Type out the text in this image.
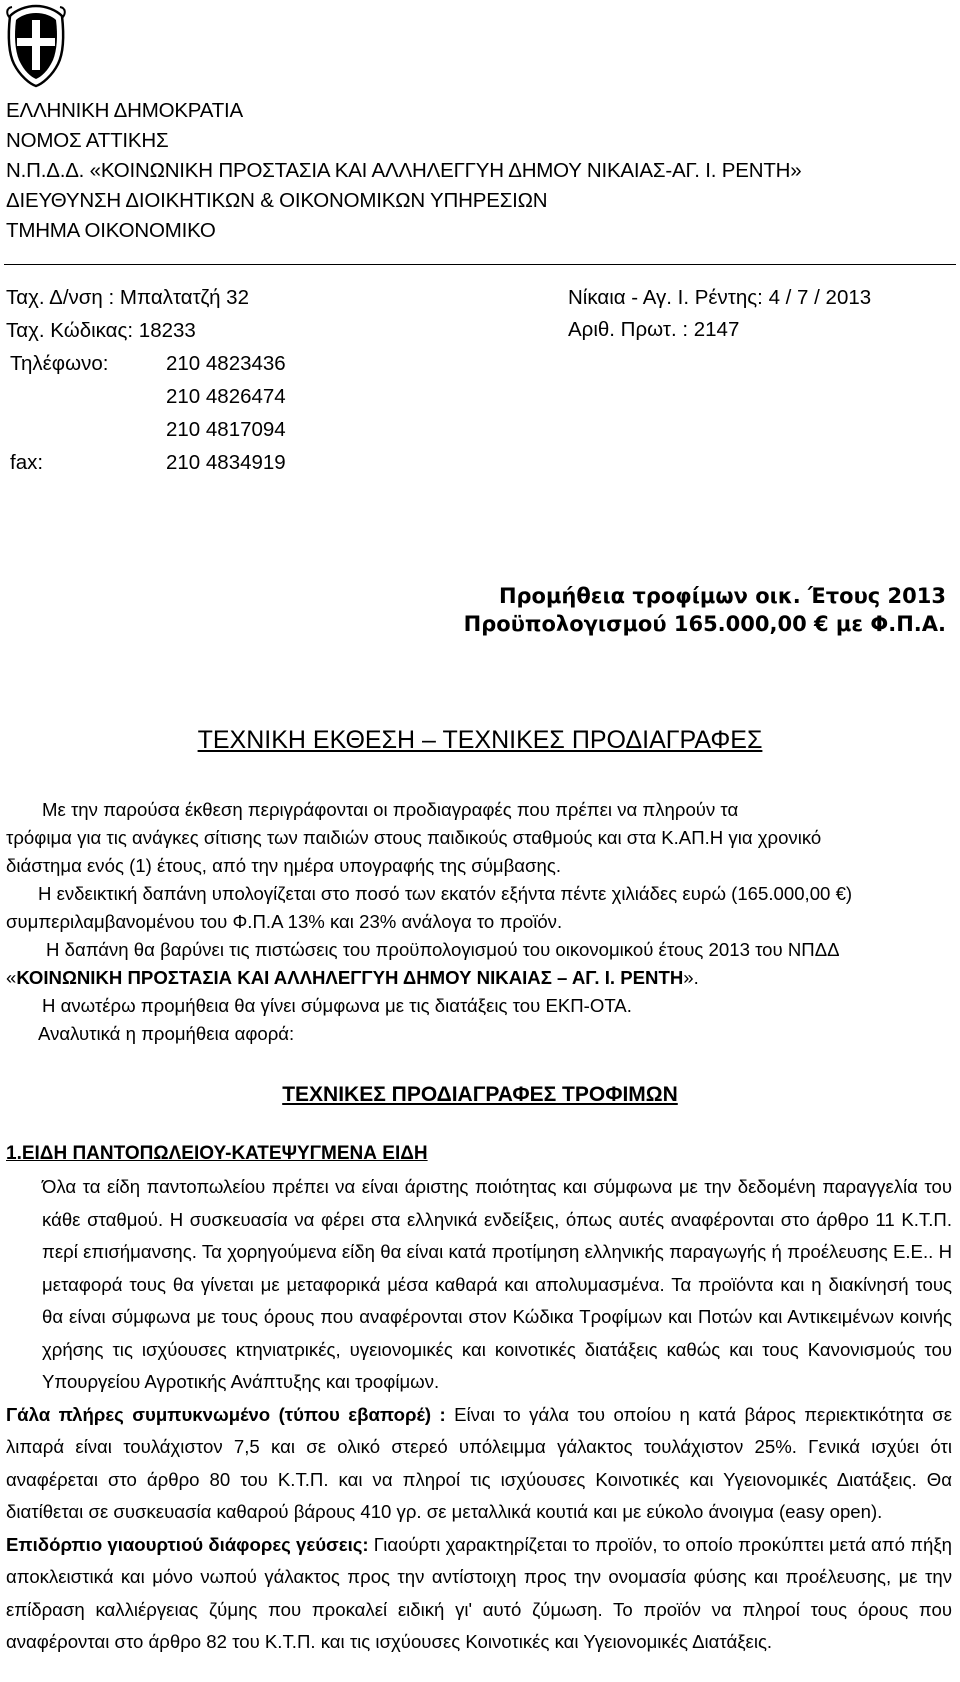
ΕΛΛΗΝΙΚΗ ΔΗΜΟΚΡΑΤΙΑ
ΝΟΜΟΣ ΑΤΤΙΚΗΣ
Ν.Π.Δ.Δ. «ΚΟΙΝΩΝΙΚΗ ΠΡΟΣΤΑΣΙΑ ΚΑΙ ΑΛΛΗΛΕΓΓΥΗ ΔΗΜΟΥ ΝΙΚΑΙΑΣ-ΑΓ. Ι. ΡΕΝΤΗ»
ΔΙΕΥΘΥΝΣΗ ΔΙΟΙΚΗΤΙΚΩΝ & ΟΙΚΟΝΟΜΙΚΩΝ ΥΠΗΡΕΣΙΩΝ
ΤΜΗΜΑ ΟΙΚΟΝΟΜΙΚΟ
Ταχ. Δ/νση : Μπαλτατζή 32
Ταχ. Κώδικας: 18233
Τηλέφωνο:	210 4823436
210 4826474
210 4817094
fax:	210 4834919
Νίκαια - Αγ. Ι. Ρέντης: 4 / 7 / 2013
Αριθ. Πρωτ. : 2147
Προμήθεια τροφίμων οικ. Έτους 2013
Προϋπολογισμού 165.000,00 € με Φ.Π.Α.
ΤΕΧΝΙΚΗ ΕΚΘΕΣΗ – ΤΕΧΝΙΚΕΣ ΠΡΟΔΙΑΓΡΑΦΕΣ

Με την παρούσα έκθεση περιγράφονται οι προδιαγραφές που πρέπει να πληρούν τα

τρόφιμα για τις ανάγκες σίτισης των παιδιών στους παιδικούς σταθμούς και στα Κ.ΑΠ.Η για χρονικό

διάστημα ενός (1) έτους, από την ημέρα υπογραφής της σύμβασης.

Η ενδεικτική δαπάνη υπολογίζεται στο ποσό των εκατόν εξήντα πέντε χιλιάδες ευρώ (165.000,00 €)

συμπεριλαμβανομένου του Φ.Π.Α 13% και 23% ανάλογα το προϊόν.

Η δαπάνη θα βαρύνει τις πιστώσεις του προϋπολογισμού του οικονομικού έτους 2013 του ΝΠΔΔ

«ΚΟΙΝΩΝΙΚΗ ΠΡΟΣΤΑΣΙΑ ΚΑΙ ΑΛΛΗΛΕΓΓΥΗ ΔΗΜΟΥ ΝΙΚΑΙΑΣ – ΑΓ. Ι. ΡΕΝΤΗ».

Η ανωτέρω προμήθεια θα γίνει σύμφωνα με τις διατάξεις του ΕΚΠ-ΟΤΑ.

Αναλυτικά η προμήθεια αφορά:

ΤΕΧΝΙΚΕΣ ΠΡΟΔΙΑΓΡΑΦΕΣ ΤΡΟΦΙΜΩΝ
1.ΕΙΔΗ ΠΑΝΤΟΠΩΛΕΙΟΥ-ΚΑΤΕΨΥΓΜΕΝΑ ΕΙΔΗ

Όλα τα είδη παντοπωλείου πρέπει να είναι άριστης ποιότητας και σύμφωνα με την δεδομένη παραγγελία του κάθε σταθμού. Η συσκευασία να φέρει στα ελληνικά ενδείξεις, όπως αυτές αναφέρονται στο άρθρο 11 Κ.Τ.Π. περί επισήμανσης. Τα χορηγούμενα είδη θα είναι κατά προτίμηση ελληνικής παραγωγής ή προέλευσης Ε.Ε.. Η μεταφορά τους θα γίνεται με μεταφορικά μέσα καθαρά και απολυμασμένα. Τα προϊόντα και η διακίνησή τους θα είναι σύμφωνα με τους όρους που αναφέρονται στον Κώδικα Τροφίμων και Ποτών και Αντικειμένων κοινής χρήσης τις ισχύουσες κτηνιατρικές, υγειονομικές και κοινοτικές διατάξεις καθώς και τους Κανονισμούς του Υπουργείου Αγροτικής Ανάπτυξης και τροφίμων.

Γάλα πλήρες συμπυκνωμένο (τύπου εβαπορέ) : Είναι το γάλα του οποίου η κατά βάρος περιεκτικότητα σε λιπαρά είναι τουλάχιστον 7,5 και σε ολικό στερεό υπόλειμμα γάλακτος τουλάχιστον 25%. Γενικά ισχύει ότι αναφέρεται στο άρθρο 80 του Κ.Τ.Π. και να πληροί τις ισχύουσες Κοινοτικές και Υγειονομικές Διατάξεις. Θα διατίθεται σε συσκευασία καθαρού βάρους 410 γρ. σε μεταλλικά κουτιά και με εύκολο άνοιγμα (easy open).

Επιδόρπιο γιαουρτιού διάφορες γεύσεις: Γιαούρτι χαρακτηρίζεται το προϊόν, το οποίο προκύπτει μετά από πήξη αποκλειστικά και μόνο νωπού γάλακτος προς την αντίστοιχη προς την ονομασία φύσης και προέλευσης, με την επίδραση καλλιέργειας ζύμης που προκαλεί ειδική γι' αυτό ζύμωση. Το προϊόν να πληροί τους όρους που αναφέρονται στο άρθρο 82 του Κ.Τ.Π. και τις ισχύουσες Κοινοτικές και Υγειονομικές Διατάξεις.
